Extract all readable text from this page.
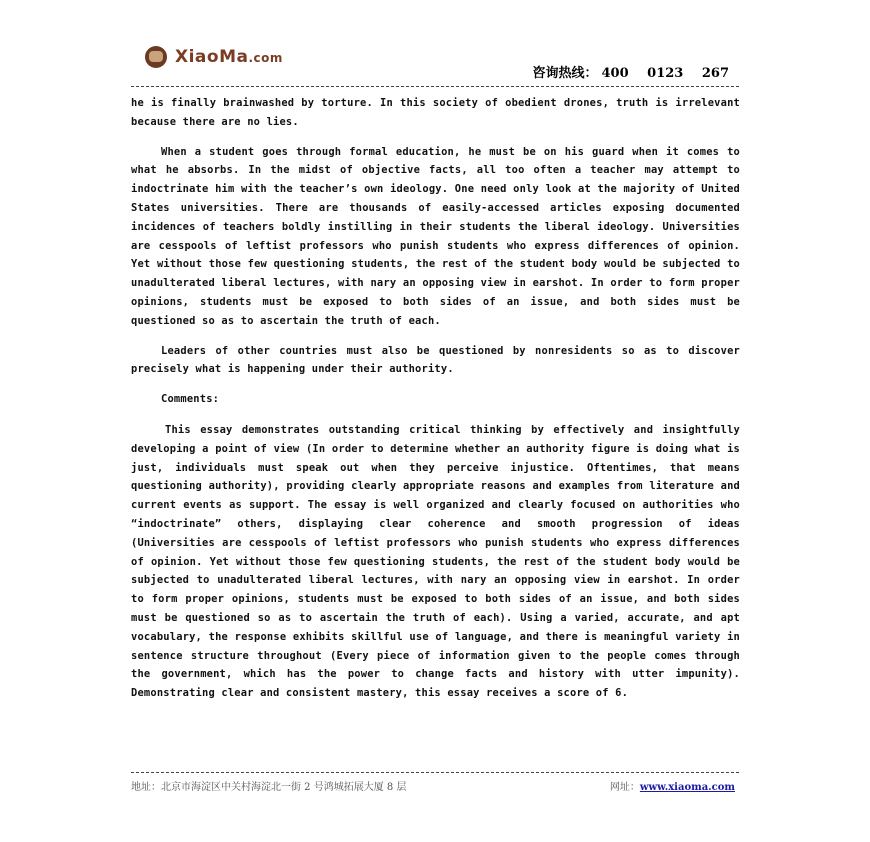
XiaoMa.com
咨询热线： 400 0123 267

he is finally brainwashed by torture. In this society of obedient drones, truth is irrelevant because there are no lies.

When a student goes through formal education, he must be on his guard when it comes to what he absorbs. In the midst of objective facts, all too often a teacher may attempt to indoctrinate him with the teacher’s own ideology. One need only look at the majority of United States universities. There are thousands of easily-accessed articles exposing documented incidences of teachers boldly instilling in their students the liberal ideology. Universities are cesspools of leftist professors who punish students who express differences of opinion. Yet without those few questioning students, the rest of the student body would be subjected to unadulterated liberal lectures, with nary an opposing view in earshot. In order to form proper opinions, students must be exposed to both sides of an issue, and both sides must be questioned so as to ascertain the truth of each.

Leaders of other countries must also be questioned by nonresidents so as to discover precisely what is happening under their authority.

Comments:

This essay demonstrates outstanding critical thinking by effectively and insightfully developing a point of view (In order to determine whether an authority figure is doing what is just, individuals must speak out when they perceive injustice. Oftentimes, that means questioning authority), providing clearly appropriate reasons and examples from literature and current events as support. The essay is well organized and clearly focused on authorities who “indoctrinate” others, displaying clear coherence and smooth progression of ideas (Universities are cesspools of leftist professors who punish students who express differences of opinion. Yet without those few questioning students, the rest of the student body would be subjected to unadulterated liberal lectures, with nary an opposing view in earshot. In order to form proper opinions, students must be exposed to both sides of an issue, and both sides must be questioned so as to ascertain the truth of each). Using a varied, accurate, and apt vocabulary, the response exhibits skillful use of language, and there is meaningful variety in sentence structure throughout (Every piece of information given to the people comes through the government, which has the power to change facts and history with utter impunity). Demonstrating clear and consistent mastery, this essay receives a score of 6.

地址：北京市海淀区中关村海淀北一街 2 号鸿城拓展大厦 8 层	网址：www.xiaoma.com
